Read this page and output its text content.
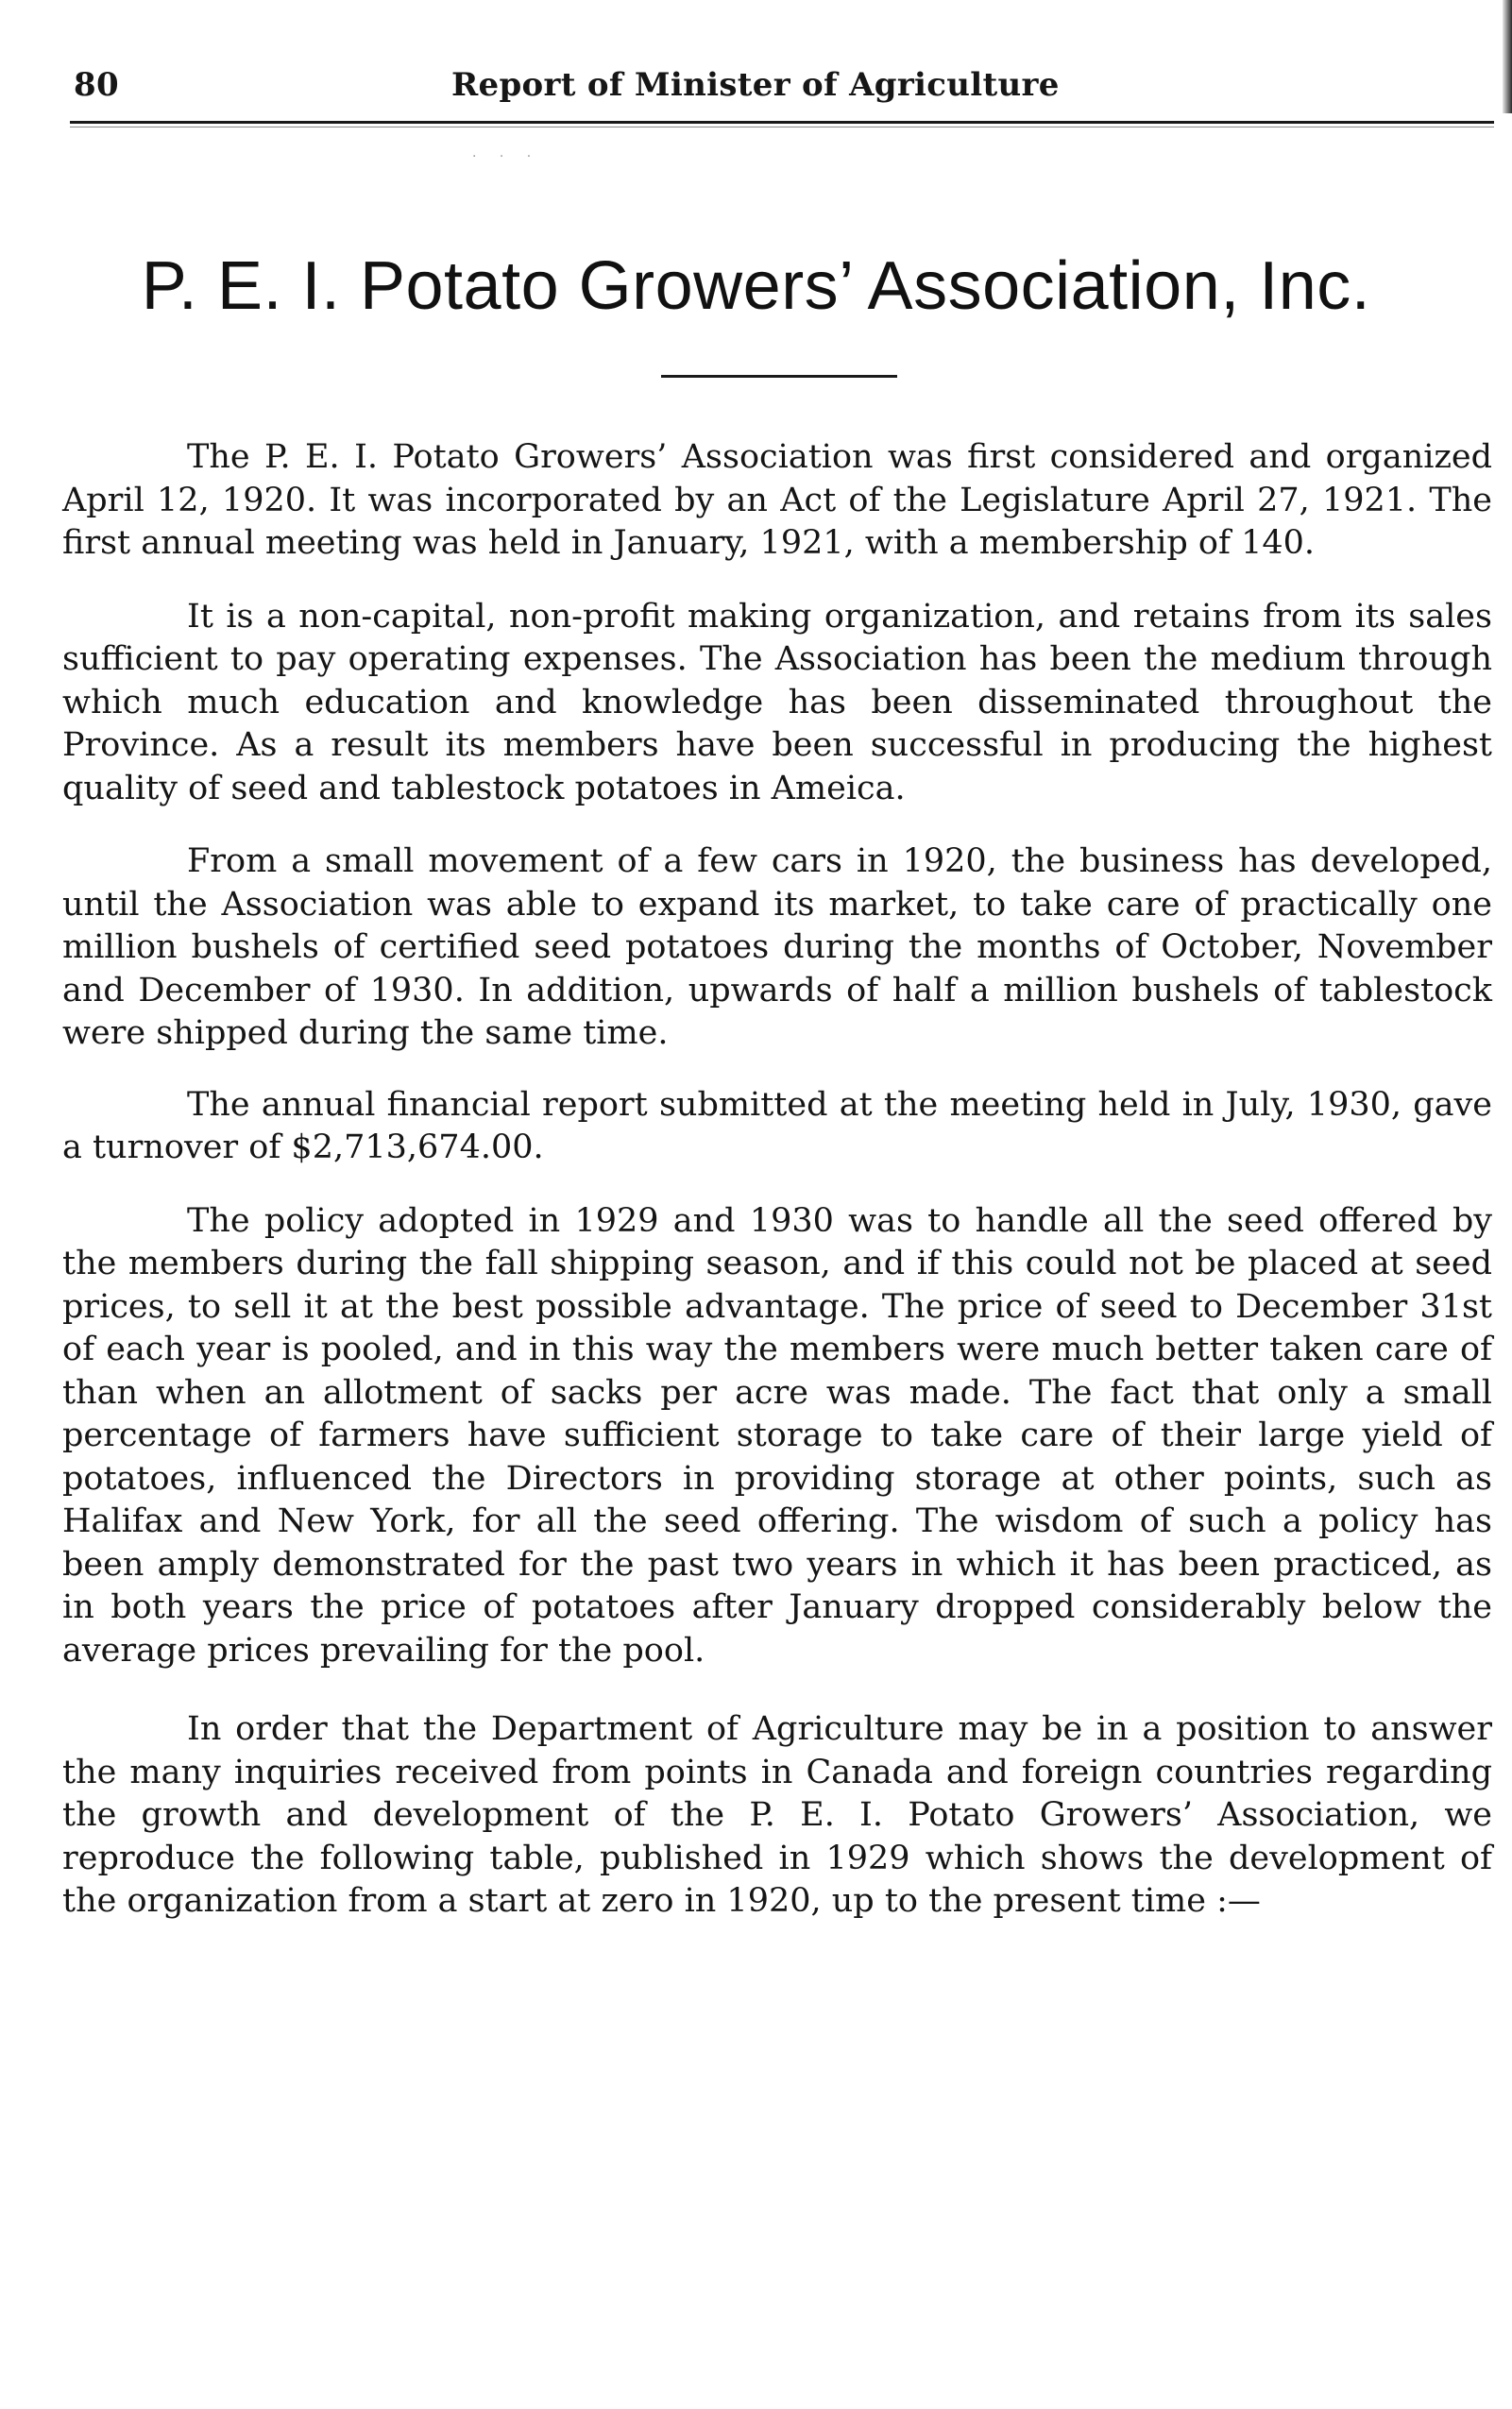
80	Report of Minister of Agriculture
· · ·
P. E. I. Potato Growers’ Association, Inc.

The P. E. I. Potato Growers’ Association was first considered and organized April 12, 1920. It was incorporated by an Act of the Legislature April 27, 1921. The first annual meeting was held in January, 1921, with a membership of 140.

It is a non-capital, non-profit making organization, and retains from its sales sufficient to pay operating expenses. The Association has been the medium through which much education and knowledge has been disseminated throughout the Province. As a result its members have been successful in producing the highest quality of seed and tablestock potatoes in Ameica.

From a small movement of a few cars in 1920, the business has developed, until the Association was able to expand its market, to take care of practically one million bushels of certified seed potatoes during the months of October, November and December of 1930. In addition, upwards of half a million bushels of tablestock were shipped during the same time.

The annual financial report submitted at the meeting held in July, 1930, gave a turnover of $2,713,674.00.

The policy adopted in 1929 and 1930 was to handle all the seed offered by the members during the fall shipping season, and if this could not be placed at seed prices, to sell it at the best possible advantage. The price of seed to December 31st of each year is pooled, and in this way the members were much better taken care of than when an allotment of sacks per acre was made. The fact that only a small percentage of farmers have sufficient storage to take care of their large yield of potatoes, influenced the Directors in providing storage at other points, such as Halifax and New York, for all the seed offering. The wisdom of such a policy has been amply demonstrated for the past two years in which it has been practiced, as in both years the price of potatoes after January dropped considerably below the average prices prevailing for the pool.

In order that the Department of Agriculture may be in a position to answer the many inquiries received from points in Canada and foreign countries regarding the growth and development of the P. E. I. Potato Growers’ Association, we reproduce the following table, published in 1929 which shows the development of the organization from a start at zero in 1920, up to the present time :—
